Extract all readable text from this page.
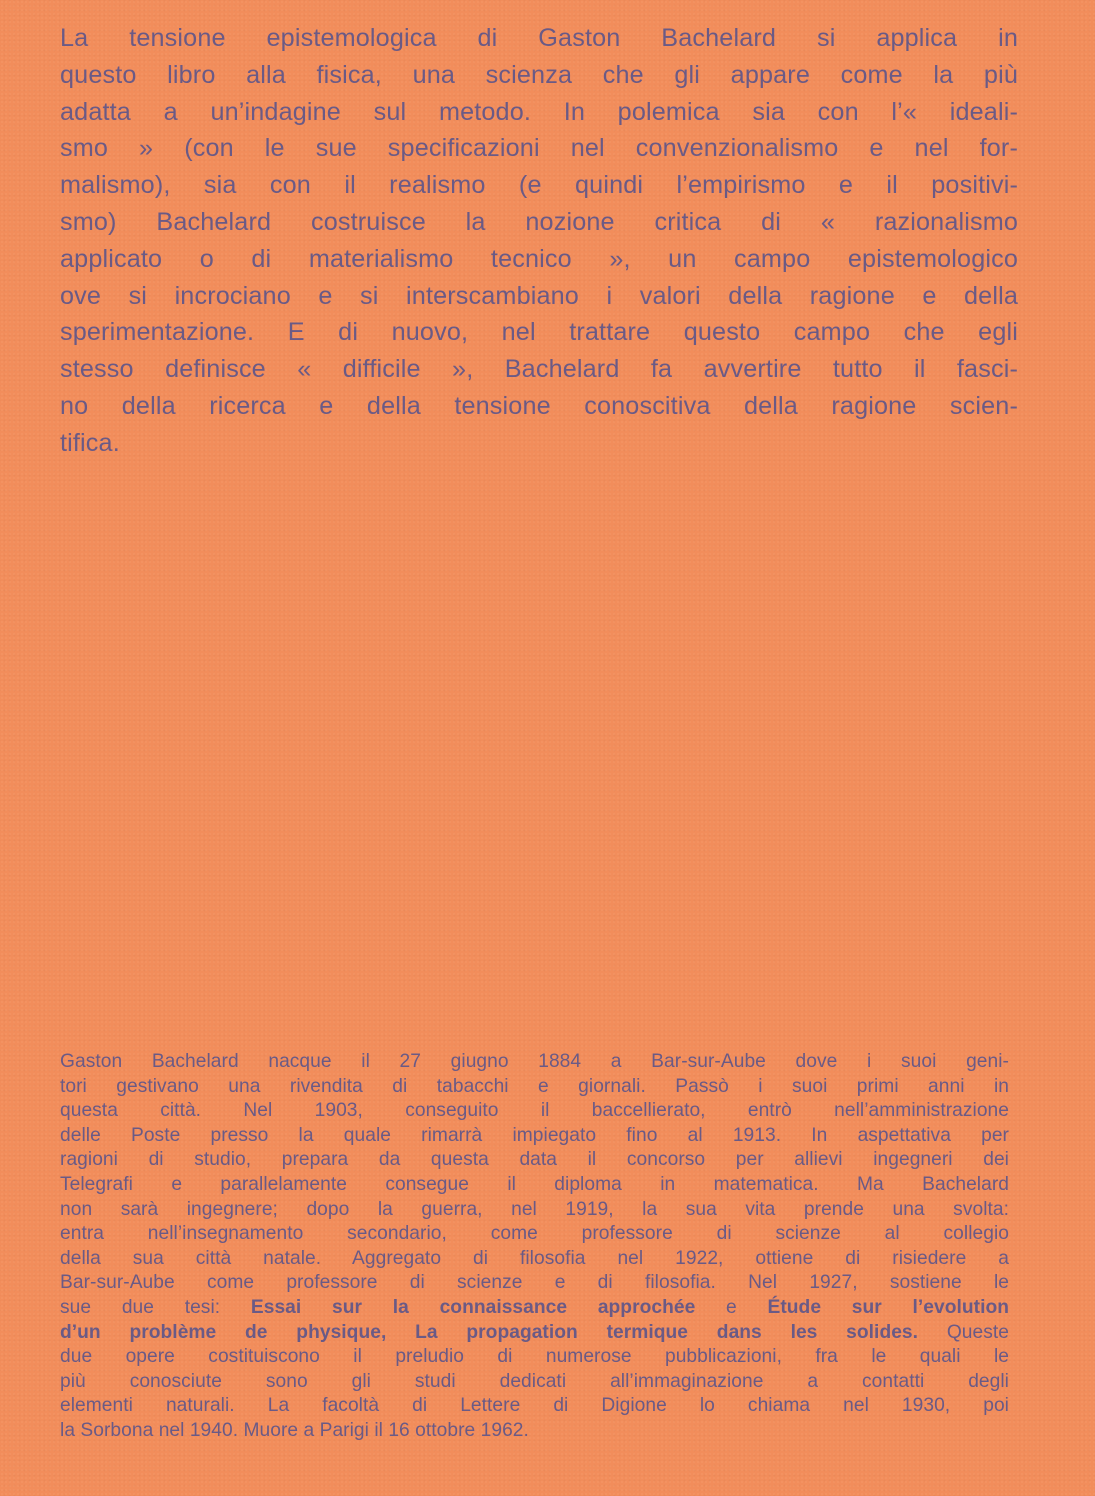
La tensione epistemologica di Gaston Bachelard si applica in
questo libro alla fisica, una scienza che gli appare come la più
adatta a un’indagine sul metodo. In polemica sia con l’« ideali-
smo » (con le sue specificazioni nel convenzionalismo e nel for-
malismo), sia con il realismo (e quindi l’empirismo e il positivi-
smo) Bachelard costruisce la nozione critica di « razionalismo
applicato o di materialismo tecnico », un campo epistemologico
ove si incrociano e si interscambiano i valori della ragione e della
sperimentazione. E di nuovo, nel trattare questo campo che egli
stesso definisce « difficile », Bachelard fa avvertire tutto il fasci-
no della ricerca e della tensione conoscitiva della ragione scien-
tifica.
Gaston Bachelard nacque il 27 giugno 1884 a Bar-sur-Aube dove i suoi geni-
tori gestivano una rivendita di tabacchi e giornali. Passò i suoi primi anni in
questa città. Nel 1903, conseguito il baccellierato, entrò nell’amministrazione
delle Poste presso la quale rimarrà impiegato fino al 1913. In aspettativa per
ragioni di studio, prepara da questa data il concorso per allievi ingegneri dei
Telegrafi e parallelamente consegue il diploma in matematica. Ma Bachelard
non sarà ingegnere; dopo la guerra, nel 1919, la sua vita prende una svolta:
entra nell’insegnamento secondario, come professore di scienze al collegio
della sua città natale. Aggregato di filosofia nel 1922, ottiene di risiedere a
Bar-sur-Aube come professore di scienze e di filosofia. Nel 1927, sostiene le
sue due tesi: Essai sur la connaissance approchée e Étude sur l’evolution
d’un problème de physique, La propagation termique dans les solides. Queste
due opere costituiscono il preludio di numerose pubblicazioni, fra le quali le
più conosciute sono gli studi dedicati all’immaginazione a contatti degli
elementi naturali. La facoltà di Lettere di Digione lo chiama nel 1930, poi
la Sorbona nel 1940. Muore a Parigi il 16 ottobre 1962.
